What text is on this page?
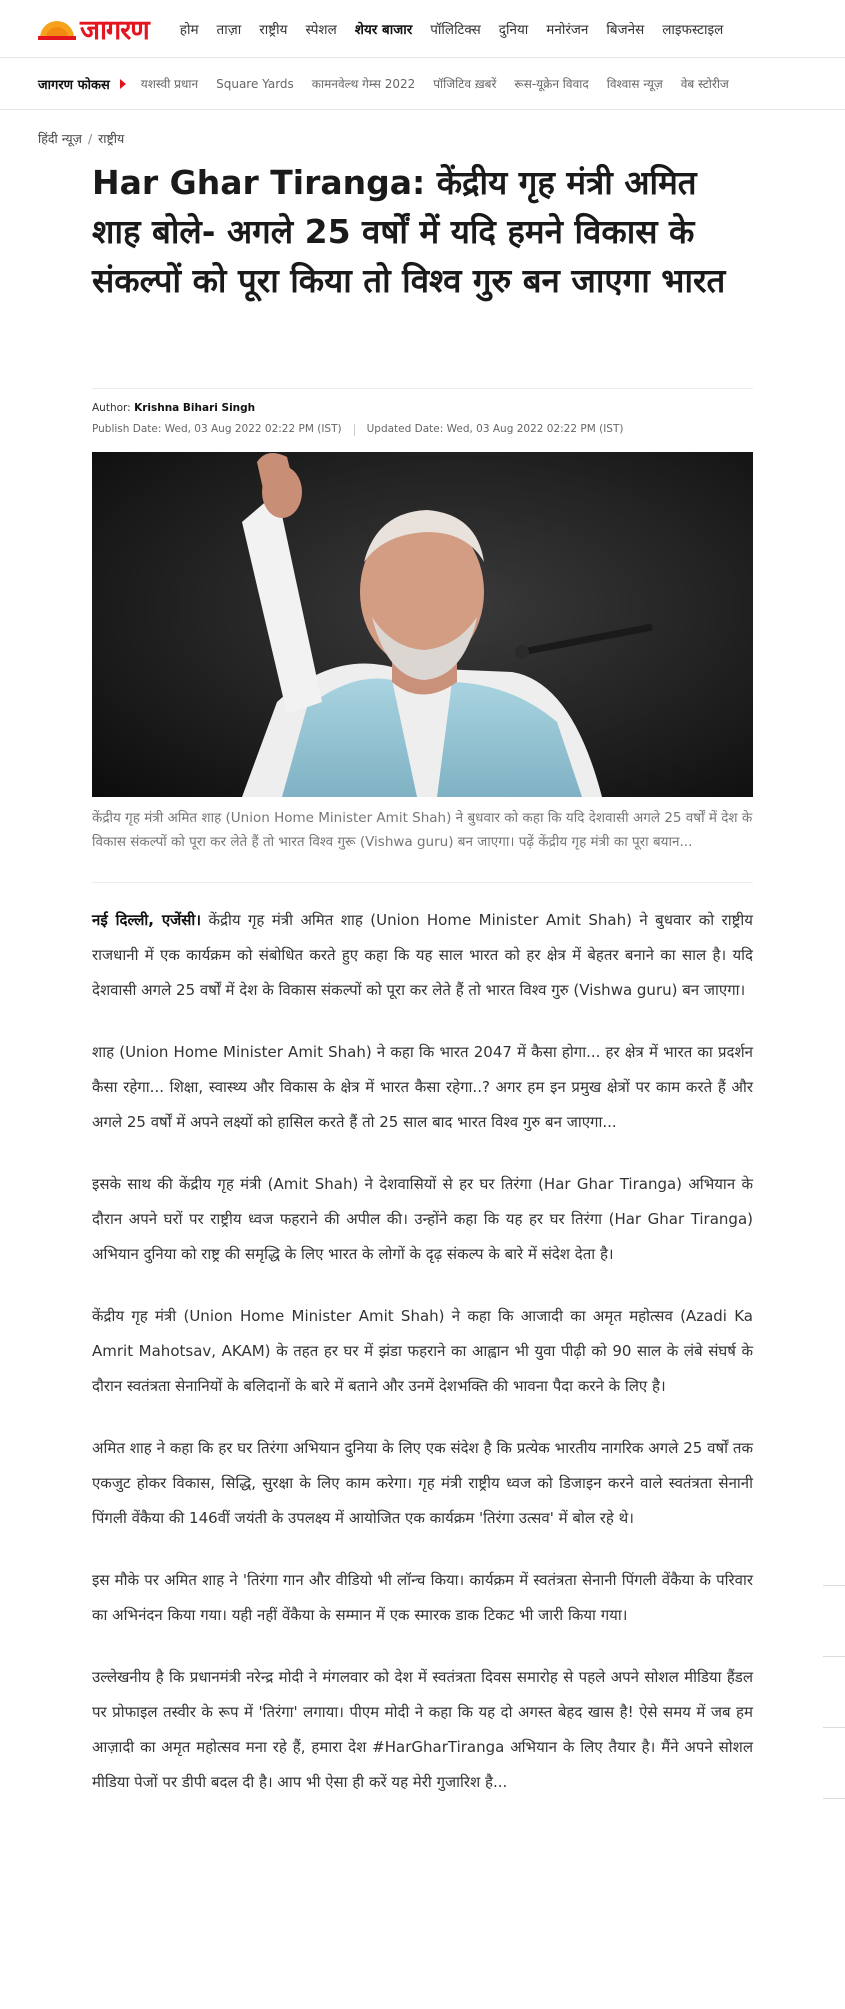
जागरण	होम	ताज़ा	राष्ट्रीय	स्पेशल	शेयर बाजार	पॉलिटिक्स	दुनिया	मनोरंजन	बिजनेस	लाइफस्टाइल
जागरण फोकस	यशस्वी प्रधान	Square Yards	कामनवेल्थ गेम्स 2022	पॉजिटिव ख़बरें	रूस-यूक्रेन विवाद	विश्वास न्यूज़	वेब स्टोरीज
हिंदी न्यूज़ / राष्ट्रीय
Har Ghar Tiranga: केंद्रीय गृह मंत्री अमित शाह बोले- अगले 25 वर्षों में यदि हमने विकास के संकल्पों को पूरा किया तो विश्व गुरु बन जाएगा भारत
Author: Krishna Bihari Singh
Publish Date: Wed, 03 Aug 2022 02:22 PM (IST) Updated Date: Wed, 03 Aug 2022 02:22 PM (IST)
केंद्रीय गृह मंत्री अमित शाह (Union Home Minister Amit Shah) ने बुधवार को कहा कि यदि देशवासी अगले 25 वर्षों में देश के विकास संकल्पों को पूरा कर लेते हैं तो भारत विश्व गुरू (Vishwa guru) बन जाएगा। पढ़ें केंद्रीय गृह मंत्री का पूरा बयान...

नई दिल्ली, एजेंसी। केंद्रीय गृह मंत्री अमित शाह (Union Home Minister Amit Shah) ने बुधवार को राष्ट्रीय राजधानी में एक कार्यक्रम को संबोधित करते हुए कहा कि यह साल भारत को हर क्षेत्र में बेहतर बनाने का साल है। यदि देशवासी अगले 25 वर्षों में देश के विकास संकल्पों को पूरा कर लेते हैं तो भारत विश्व गुरु (Vishwa guru) बन जाएगा।

शाह (Union Home Minister Amit Shah) ने कहा कि भारत 2047 में कैसा होगा... हर क्षेत्र में भारत का प्रदर्शन कैसा रहेगा... शिक्षा, स्वास्थ्य और विकास के क्षेत्र में भारत कैसा रहेगा..? अगर हम इन प्रमुख क्षेत्रों पर काम करते हैं और अगले 25 वर्षों में अपने लक्ष्यों को हासिल करते हैं तो 25 साल बाद भारत विश्व गुरु बन जाएगा...

इसके साथ की केंद्रीय गृह मंत्री (Amit Shah) ने देशवासियों से हर घर तिरंगा (Har Ghar Tiranga) अभियान के दौरान अपने घरों पर राष्ट्रीय ध्वज फहराने की अपील की। उन्होंने कहा कि यह हर घर तिरंगा (Har Ghar Tiranga) अभियान दुनिया को राष्ट्र की समृद्धि के लिए भारत के लोगों के दृढ़ संकल्प के बारे में संदेश देता है।

केंद्रीय गृह मंत्री (Union Home Minister Amit Shah) ने कहा कि आजादी का अमृत महोत्सव (Azadi Ka Amrit Mahotsav, AKAM) के तहत हर घर में झंडा फहराने का आह्वान भी युवा पीढ़ी को 90 साल के लंबे संघर्ष के दौरान स्वतंत्रता सेनानियों के बलिदानों के बारे में बताने और उनमें देशभक्ति की भावना पैदा करने के लिए है।

अमित शाह ने कहा कि हर घर तिरंगा अभियान दुनिया के लिए एक संदेश है कि प्रत्येक भारतीय नागरिक अगले 25 वर्षों तक एकजुट होकर विकास, सिद्धि, सुरक्षा के लिए काम करेगा। गृह मंत्री राष्ट्रीय ध्वज को डिजाइन करने वाले स्वतंत्रता सेनानी पिंगली वेंकैया की 146वीं जयंती के उपलक्ष्य में आयोजित एक कार्यक्रम 'तिरंगा उत्सव' में बोल रहे थे।

इस मौके पर अमित शाह ने 'तिरंगा गान और वीडियो भी लॉन्च किया। कार्यक्रम में स्वतंत्रता सेनानी पिंगली वेंकैया के परिवार का अभिनंदन किया गया। यही नहीं वेंकैया के सम्मान में एक स्मारक डाक टिकट भी जारी किया गया।

उल्लेखनीय है कि प्रधानमंत्री नरेन्द्र मोदी ने मंगलवार को देश में स्वतंत्रता दिवस समारोह से पहले अपने सोशल मीडिया हैंडल पर प्रोफाइल तस्वीर के रूप में 'तिरंगा' लगाया। पीएम मोदी ने कहा कि यह दो अगस्त बेहद खास है! ऐसे समय में जब हम आज़ादी का अमृत महोत्सव मना रहे हैं, हमारा देश #HarGharTiranga अभियान के लिए तैयार है। मैंने अपने सोशल मीडिया पेजों पर डीपी बदल दी है। आप भी ऐसा ही करें यह मेरी गुजारिश है...
